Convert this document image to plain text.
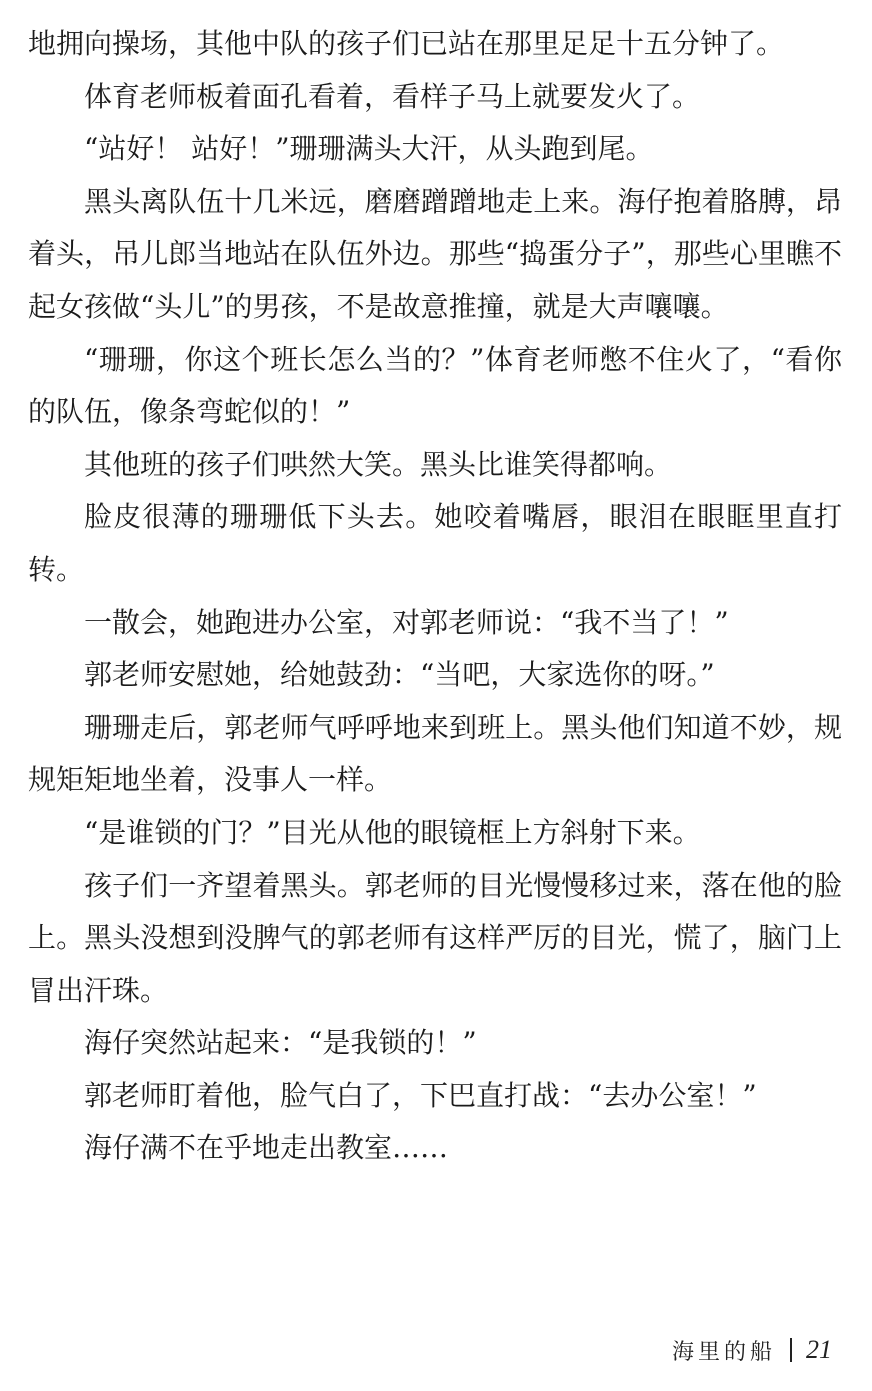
地拥向操场，其他中队的孩子们已站在那里足足十五分钟了。

体育老师板着面孔看着，看样子马上就要发火了。

“站好！ 站好！”珊珊满头大汗，从头跑到尾。

黑头离队伍十几米远，磨磨蹭蹭地走上来。海仔抱着胳膊，昂着头，吊儿郎当地站在队伍外边。那些“捣蛋分子”，那些心里瞧不起女孩做“头儿”的男孩，不是故意推撞，就是大声嚷嚷。

“珊珊，你这个班长怎么当的？”体育老师憋不住火了，“看你的队伍，像条弯蛇似的！”

其他班的孩子们哄然大笑。黑头比谁笑得都响。

脸皮很薄的珊珊低下头去。她咬着嘴唇，眼泪在眼眶里直打转。

一散会，她跑进办公室，对郭老师说：“我不当了！”

郭老师安慰她，给她鼓劲：“当吧，大家选你的呀。”

珊珊走后，郭老师气呼呼地来到班上。黑头他们知道不妙，规规矩矩地坐着，没事人一样。

“是谁锁的门？”目光从他的眼镜框上方斜射下来。

孩子们一齐望着黑头。郭老师的目光慢慢移过来，落在他的脸上。黑头没想到没脾气的郭老师有这样严厉的目光，慌了，脑门上冒出汗珠。

海仔突然站起来：“是我锁的！”

郭老师盯着他，脸气白了，下巴直打战：“去办公室！”

海仔满不在乎地走出教室……

海里的船 21
